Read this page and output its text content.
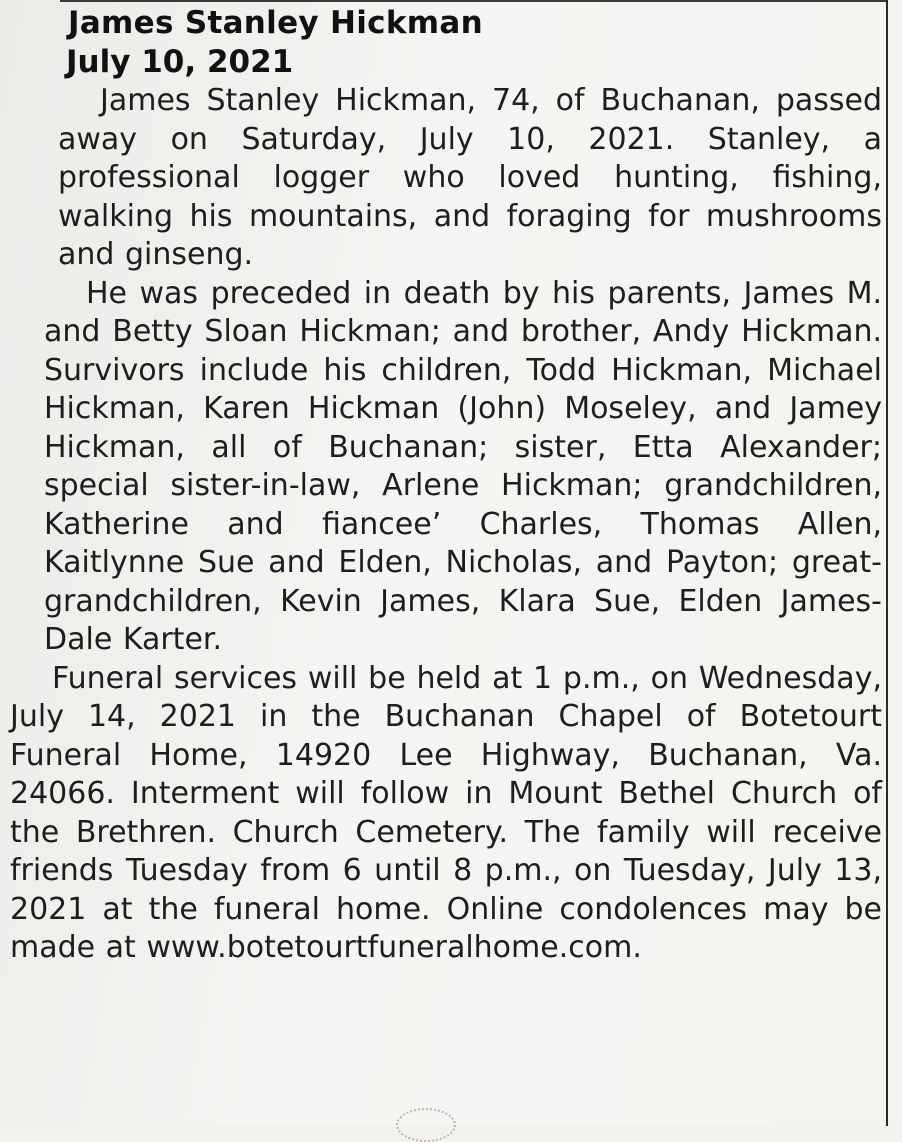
James Stanley Hickman
July 10, 2021

James Stanley Hickman, 74, of Buchanan, passed away on Saturday, July 10, 2021. Stanley, a professional logger who loved hunting, fishing, walking his mountains, and foraging for mushrooms and ginseng.

He was preceded in death by his parents, James M. and Betty Sloan Hickman; and brother, Andy Hickman. Survivors include his children, Todd Hickman, Michael Hickman, Karen Hickman (John) Moseley, and Jamey Hickman, all of Buchanan; sister, Etta Alexander; special sister-in-law, Arlene Hickman; grandchildren, Katherine and fiancee’ Charles, Thomas Allen, Kaitlynne Sue and Elden, Nicholas, and Payton; great-grandchildren, Kevin James, Klara Sue, Elden James-Dale Karter.

Funeral services will be held at 1 p.m., on Wednesday, July 14, 2021 in the Buchanan Chapel of Botetourt Funeral Home, 14920 Lee Highway, Buchanan, Va. 24066. Interment will follow in Mount Bethel Church of the Brethren. Church Cemetery. The family will receive friends Tuesday from 6 until 8 p.m., on Tuesday, July 13, 2021 at the funeral home. Online condolences may be made at www.botetourtfuneralhome.com.
